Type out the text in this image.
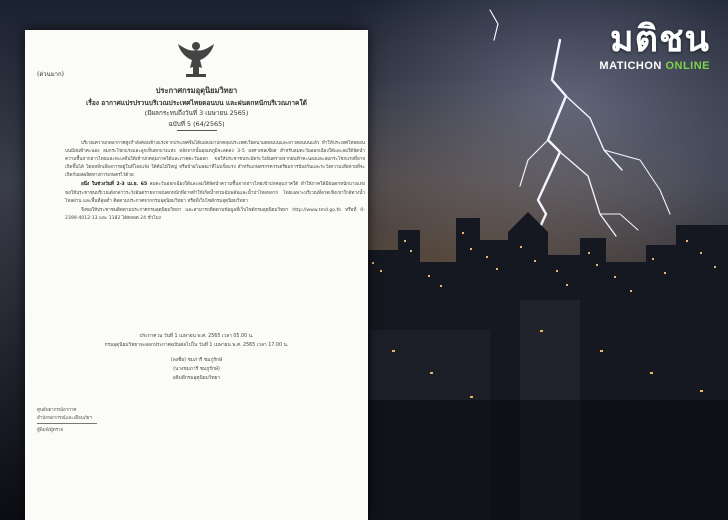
มติชน
MATICHON ONLINE
(ด่วนมาก)
ประกาศกรมอุตุนิยมวิทยา
เรื่อง อากาศแปรปรวนบริเวณประเทศไทยตอนบน และฝนตกหนักบริเวณภาคใต้
(มีผลกระทบถึงวันที่ 3 เมษายน 2565)
ฉบับที่ 5 (64/2565)

บริเวณความกดอากาศสูงกำลังค่อนข้างแรงจากประเทศจีนได้แผ่ลงมาปกคลุมประเทศเวียดนามตอนบนและลาวตอนบนแล้ว ทำให้ประเทศไทยตอนบนมีฝนฟ้าคะนอง ลมกระโชกแรงและลูกเห็บตกบางแห่ง หลังจากนั้นอุณหภูมิจะลดลง 3-5 องศาเซลเซียส สำหรับลมตะวันออกเฉียงใต้และลมใต้พัดนำความชื้นจากอ่าวไทยและทะเลจีนใต้เข้าปกคลุมภาคใต้และภาคตะวันออก ขอให้ประชาชนระมัดระวังอันตรายจากฝนฟ้าคะนองและลมกระโชกแรงที่อาจเกิดขึ้นได้ โดยหลีกเลี่ยงการอยู่ในที่โล่งแจ้ง ใต้ต้นไม้ใหญ่ หรือป้ายโฆษณาที่ไม่แข็งแรง สำหรับเกษตรกรควรเตรียมการป้องกันและระวังความเสียหายที่จะเกิดกับผลผลิตทางการเกษตรไว้ด้วย

อนึ่ง ในช่วงวันที่ 2-3 เม.ย. 65 ลมตะวันออกเฉียงใต้และลมใต้พัดนำความชื้นจากอ่าวไทยเข้าปกคลุมภาคใต้ ทำให้ภาคใต้มีฝนตกหนักบางแห่ง ขอให้ประชาชนบริเวณดังกล่าวระวังอันตรายจากฝนตกหนักที่อาจทำให้เกิดน้ำท่วมฉับพลันและน้ำป่าไหลหลาก โดยเฉพาะบริเวณที่ลาดเชิงเขาใกล้ทางน้ำไหลผ่าน และพื้นที่ลุ่มต่ำ ติดตามประกาศจากกรมอุตุนิยมวิทยา หรือที่เว็บไซต์กรมอุตุนิยมวิทยา

จึงขอให้ประชาชนติดตามประกาศกรมอุตุนิยมวิทยา และสามารถติดตามข้อมูลที่เว็บไซต์กรมอุตุนิยมวิทยา http://www.tmd.go.th หรือที่ 0-2399-4012-13 และ 1182 ได้ตลอด 24 ชั่วโมง

ประกาศ ณ วันที่ 1 เมษายน พ.ศ. 2565 เวลา 05.00 น.
กรมอุตุนิยมวิทยาจะออกประกาศฉบับต่อไปใน วันที่ 1 เมษายน พ.ศ. 2565 เวลา 17.00 น.
(ลงชื่อ) ชมภารี ชมภูรักษ์
(นางชมภารี ชมภูรักษ์)
อธิบดีกรมอุตุนิยมวิทยา
ศูนย์พยากรณ์อากาศ
สำนักพยากรณ์และเตือนภัยฯ
ผู้พิมพ์/ผู้ตรวจ
